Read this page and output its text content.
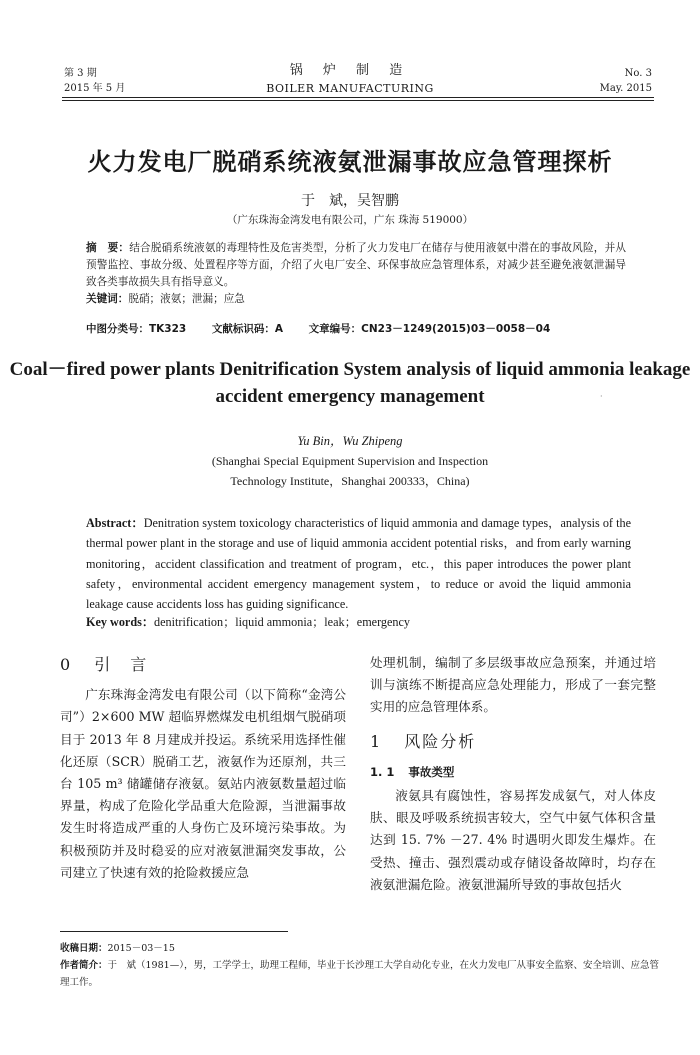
第 3 期
2015 年 5 月
锅 炉 制 造
BOILER MANUFACTURING
No. 3
May. 2015
火力发电厂脱硝系统液氨泄漏事故应急管理探析
于　斌，吴智鹏
（广东珠海金湾发电有限公司，广东 珠海 519000）
摘　要：结合脱硝系统液氨的毒理特性及危害类型，分析了火力发电厂在储存与使用液氨中潜在的事故风险，并从预警监控、事故分级、处置程序等方面，介绍了火电厂安全、环保事故应急管理体系，对减少甚至避免液氨泄漏导致各类事故损失具有指导意义。
关键词：脱硝；液氨；泄漏；应急
中图分类号：TK323 文献标识码：A 文章编号：CN23－1249(2015)03－0058－04
Coal－fired power plants Denitrification System analysis of liquid ammonia leakage accident emergency management	·
Yu Bin，Wu Zhipeng
(Shanghai Special Equipment Supervision and Inspection
Technology Institute，Shanghai 200333，China)
Abstract：Denitration system toxicology characteristics of liquid ammonia and damage types，analysis of the thermal power plant in the storage and use of liquid ammonia accident potential risks，and from early warning monitoring，accident classification and treatment of program，etc.，this paper introduces the power plant safety，environmental accident emergency management system，to reduce or avoid the liquid ammonia leakage cause accidents loss has guiding significance.
Key words：denitrification；liquid ammonia；leak；emergency
0 引　言

广东珠海金湾发电有限公司（以下简称“金湾公司”）2×600 MW 超临界燃煤发电机组烟气脱硝项目于 2013 年 8 月建成并投运。系统采用选择性催化还原（SCR）脱硝工艺，液氨作为还原剂，共三台 105 m³ 储罐储存液氨。氨站内液氨数量超过临界量，构成了危险化学品重大危险源，当泄漏事故发生时将造成严重的人身伤亡及环境污染事故。为积极预防并及时稳妥的应对液氨泄漏突发事故，公司建立了快速有效的抢险救援应急

处理机制，编制了多层级事故应急预案，并通过培训与演练不断提高应急处理能力，形成了一套完整实用的应急管理体系。

1 风险分析
1. 1 事故类型

液氨具有腐蚀性，容易挥发成氨气，对人体皮肤、眼及呼吸系统损害较大，空气中氨气体积含量达到 15. 7% －27. 4% 时遇明火即发生爆炸。在受热、撞击、强烈震动或存储设备故障时，均存在液氨泄漏危险。液氨泄漏所导致的事故包括火

收稿日期：2015－03－15
作者简介：于　斌（1981—），男，工学学士，助理工程师，毕业于长沙理工大学自动化专业，在火力发电厂从事安全监察、安全培训、应急管理工作。
